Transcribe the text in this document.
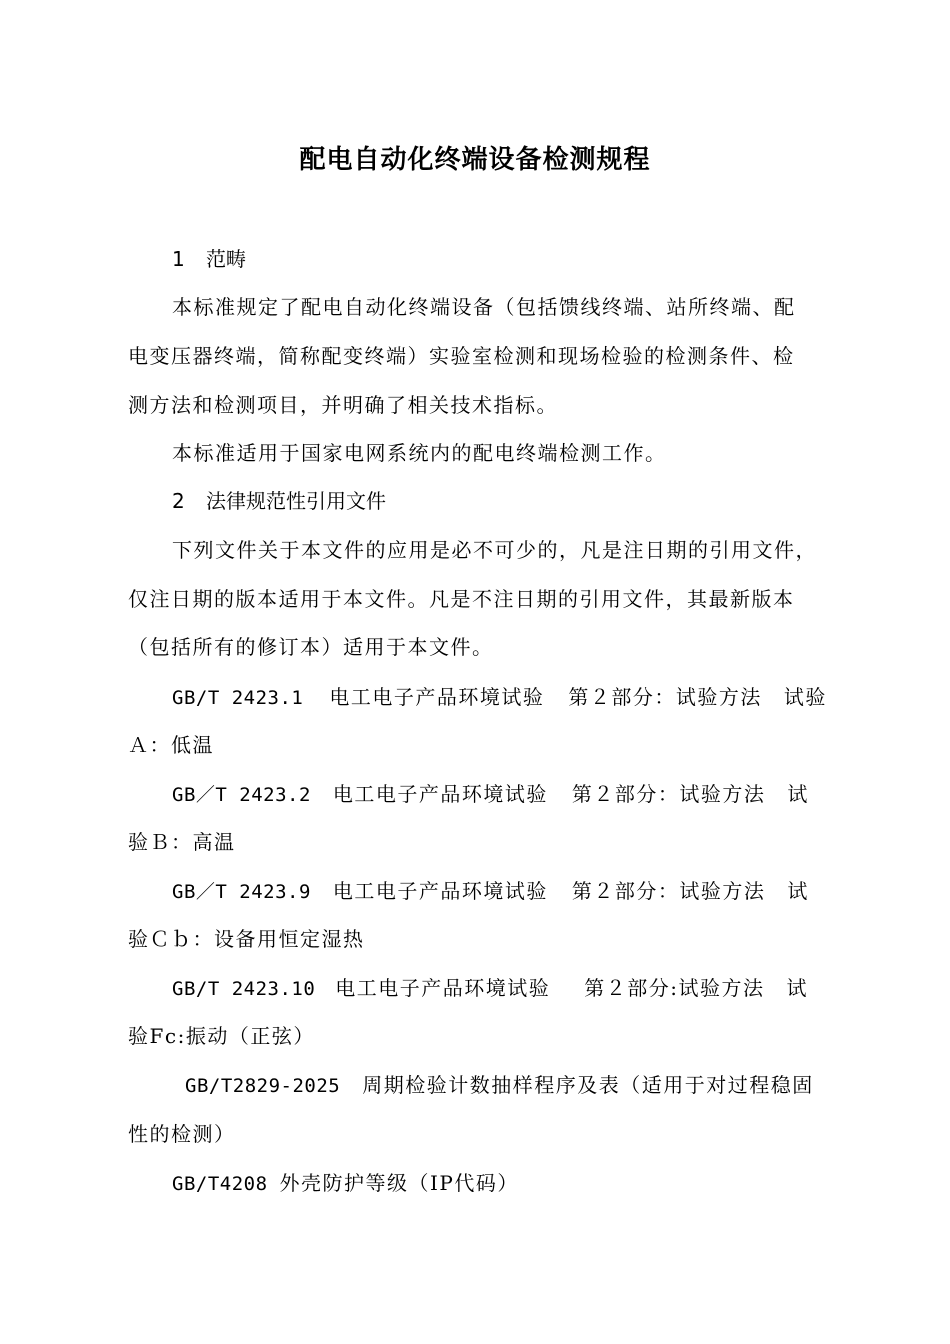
配电自动化终端设备检测规程
1 范畴
本标准规定了配电自动化终端设备（包括馈线终端、站所终端、配
电变压器终端，简称配变终端）实验室检测和现场检验的检测条件、检
测方法和检测项目，并明确了相关技术指标。
本标准适用于国家电网系统内的配电终端检测工作。
2 法律规范性引用文件
下列文件关于本文件的应用是必不可少的，凡是注日期的引用文件，
仅注日期的版本适用于本文件。凡是不注日期的引用文件，其最新版本
（包括所有的修订本）适用于本文件。
GB/T 2423.1 电工电子产品环境试验 第２部分：试验方法 试验
Ａ：低温
GB／T 2423.2 电工电子产品环境试验 第２部分：试验方法 试
验Ｂ：高温
GB／T 2423.9 电工电子产品环境试验 第２部分：试验方法 试
验Ｃｂ：设备用恒定湿热
GB/T 2423.10 电工电子产品环境试验 第２部分:试验方法 试
验Fc:振动（正弦）
GB/T2829-2025 周期检验计数抽样程序及表（适用于对过程稳固
性的检测）
GB/T4208 外壳防护等级（IP代码）
